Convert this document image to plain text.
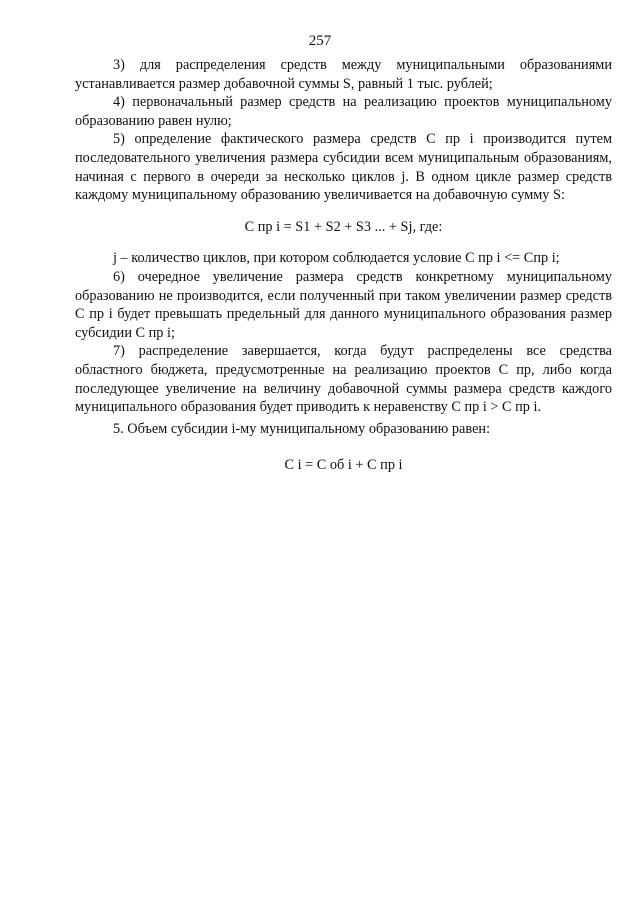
257

3) для распределения средств между муниципальными образованиями устанавливается размер добавочной суммы S, равный 1 тыс. рублей;

4) первоначальный размер средств на реализацию проектов муниципальному образованию равен нулю;

5) определение фактического размера средств С пр i производится путем последовательного увеличения размера субсидии всем муниципальным образованиям, начиная с первого в очереди за несколько циклов j. В одном цикле размер средств каждому муниципальному образованию увеличивается на добавочную сумму S:

С пр i = S1 + S2 + S3 ... + Sj, где:

j – количество циклов, при котором соблюдается условие С пр i <= Спр i;

6) очередное увеличение размера средств конкретному муниципальному образованию не производится, если полученный при таком увеличении размер средств С пр i будет превышать предельный для данного муниципального образования размер субсидии С пр i;

7) распределение завершается, когда будут распределены все средства областного бюджета, предусмотренные на реализацию проектов С пр, либо когда последующее увеличение на величину добавочной суммы размера средств каждого муниципального образования будет приводить к неравенству С пр i > С пр i.

5. Объем субсидии i-му муниципальному образованию равен:

С i = С об i + С пр i
